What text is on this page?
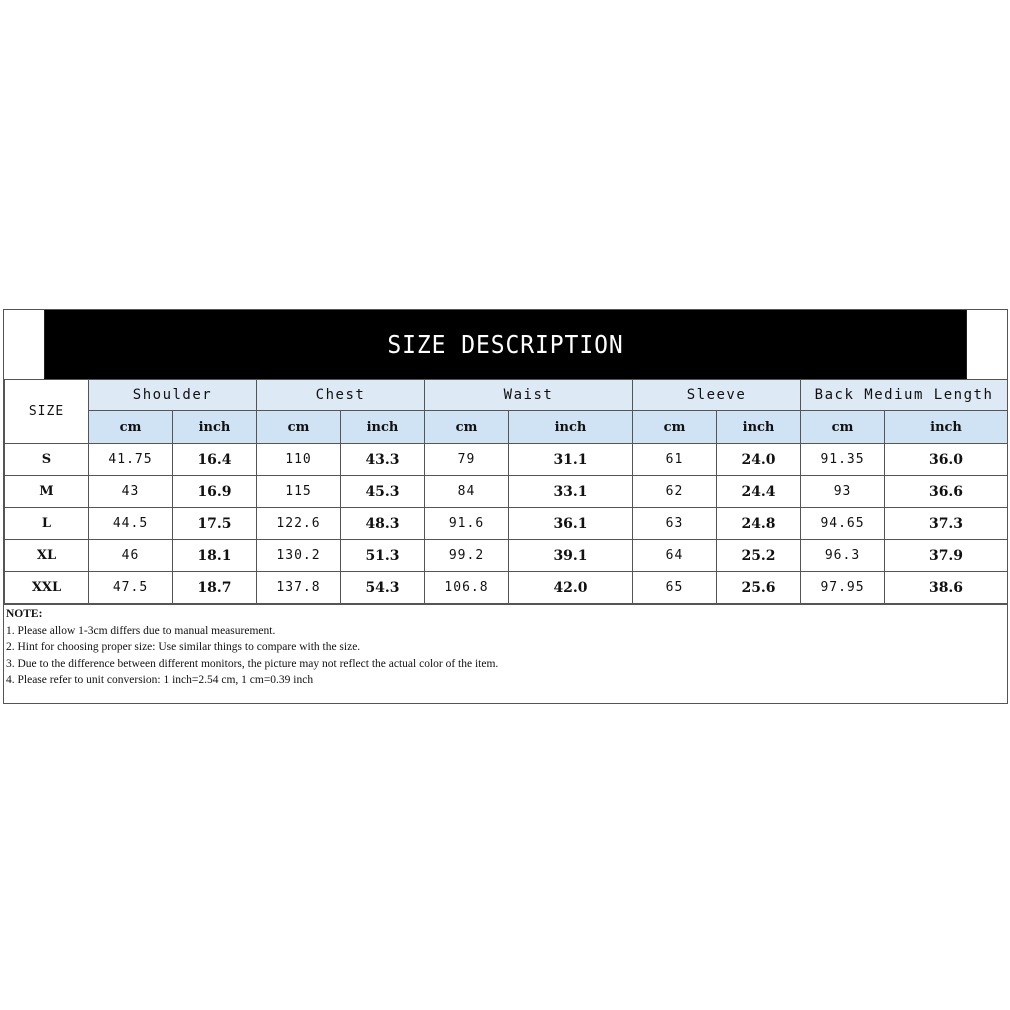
SIZE DESCRIPTION
SIZE	Shoulder		Chest		Waist		Sleeve		Back Medium Length	
	cm	inch	cm	inch	cm	inch	cm	inch	cm	inch
S	41.75	16.4	110	43.3	79	31.1	61	24.0	91.35	36.0
M	43	16.9	115	45.3	84	33.1	62	24.4	93	36.6
L	44.5	17.5	122.6	48.3	91.6	36.1	63	24.8	94.65	37.3
XL	46	18.1	130.2	51.3	99.2	39.1	64	25.2	96.3	37.9
XXL	47.5	18.7	137.8	54.3	106.8	42.0	65	25.6	97.95	38.6
NOTE:
1. Please allow 1-3cm differs due to manual measurement.
2. Hint for choosing proper size: Use similar things to compare with the size.
3. Due to the difference between different monitors, the picture may not reflect the actual color of the item.
4. Please refer to unit conversion: 1 inch=2.54 cm, 1 cm=0.39 inch
